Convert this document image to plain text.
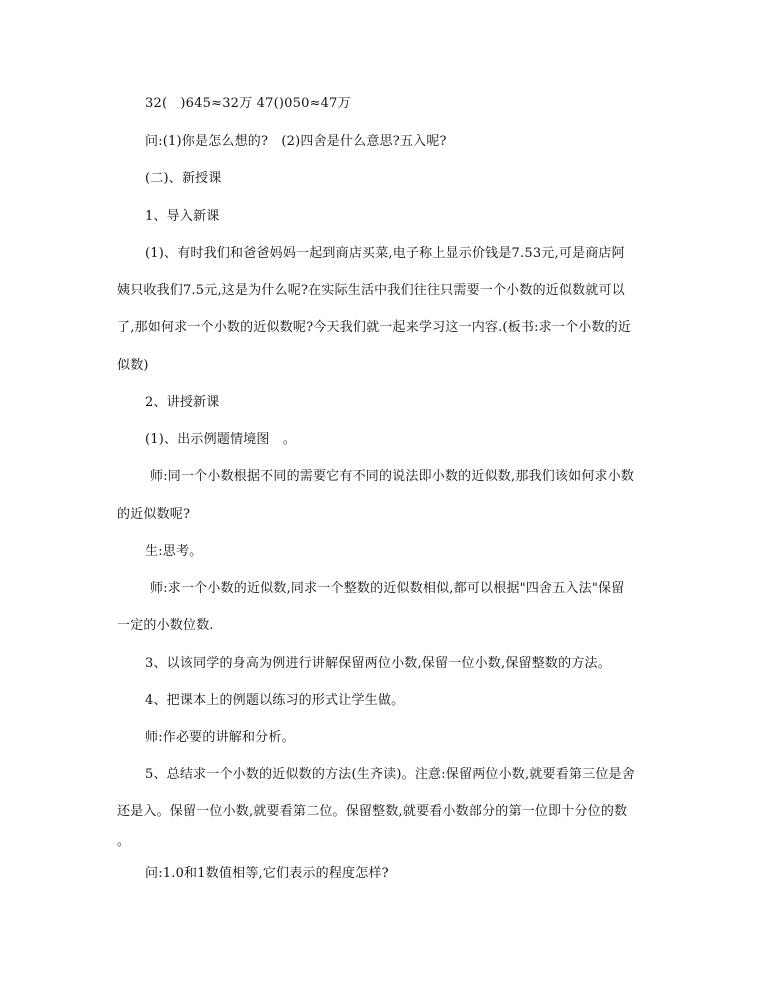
32(　)645≈32万 47()050≈47万
问:(1)你是怎么想的?　(2)四舍是什么意思?五入呢?
(二)、新授课
1、导入新课
(1)、有时我们和爸爸妈妈一起到商店买菜,电子称上显示价钱是7.53元,可是商店阿
姨只收我们7.5元,这是为什么呢?在实际生活中我们往往只需要一个小数的近似数就可以
了,那如何求一个小数的近似数呢?今天我们就一起来学习这一内容.(板书:求一个小数的近
似数)
2、讲授新课
(1)、出示例题情境图　。
师:同一个小数根据不同的需要它有不同的说法即小数的近似数,那我们该如何求小数
的近似数呢?
生:思考。
师:求一个小数的近似数,同求一个整数的近似数相似,都可以根据"四舍五入法"保留
一定的小数位数.
3、以该同学的身高为例进行讲解保留两位小数,保留一位小数,保留整数的方法。
4、把课本上的例题以练习的形式让学生做。
师:作必要的讲解和分析。
5、总结求一个小数的近似数的方法(生齐读)。注意:保留两位小数,就要看第三位是舍
还是入。保留一位小数,就要看第二位。保留整数,就要看小数部分的第一位即十分位的数
。
问:1.0和1数值相等,它们表示的程度怎样?
